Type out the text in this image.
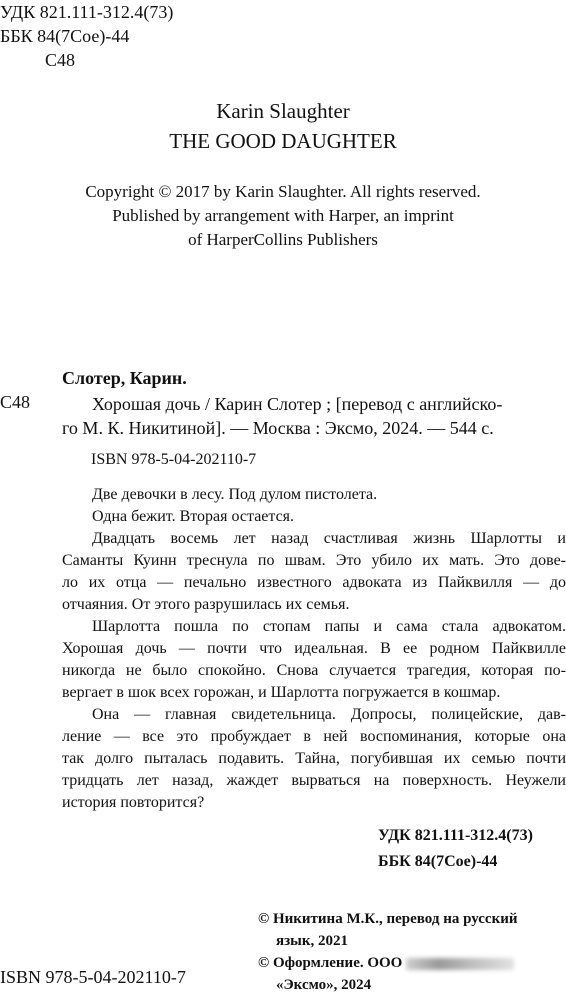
УДК 821.111-312.4(73)
ББК 84(7Сое)-44
С48
Karin Slaughter
THE GOOD DAUGHTER
Copyright © 2017 by Karin Slaughter. All rights reserved.
Published by arrangement with Harper, an imprint
of HarperCollins Publishers
Слотер, Карин.
С48	Хорошая дочь / Карин Слотер ; [перевод с английско-
го М. К. Никитиной]. — Москва : Эксмо, 2024. — 544 с.
ISBN 978-5-04-202110-7
Две девочки в лесу. Под дулом пистолета.
Одна бежит. Вторая остается.
Двадцать восемь лет назад счастливая жизнь Шарлотты и
Саманты Куинн треснула по швам. Это убило их мать. Это дове-
ло их отца — печально известного адвоката из Пайквилля — до
отчаяния. От этого разрушилась их семья.
Шарлотта пошла по стопам папы и сама стала адвокатом.
Хорошая дочь — почти что идеальная. В ее родном Пайквилле
никогда не было спокойно. Снова случается трагедия, которая по-
вергает в шок всех горожан, и Шарлотта погружается в кошмар.
Она — главная свидетельница. Допросы, полицейские, дав-
ление — все это пробуждает в ней воспоминания, которые она
так долго пыталась подавить. Тайна, погубившая их семью почти
тридцать лет назад, жаждет вырваться на поверхность. Неужели
история повторится?
УДК 821.111-312.4(73)
ББК 84(7Сое)-44
© Никитина М.К., перевод на русский
язык, 2021
© Оформление. ООО
«Эксмо», 2024
ISBN 978-5-04-202110-7
